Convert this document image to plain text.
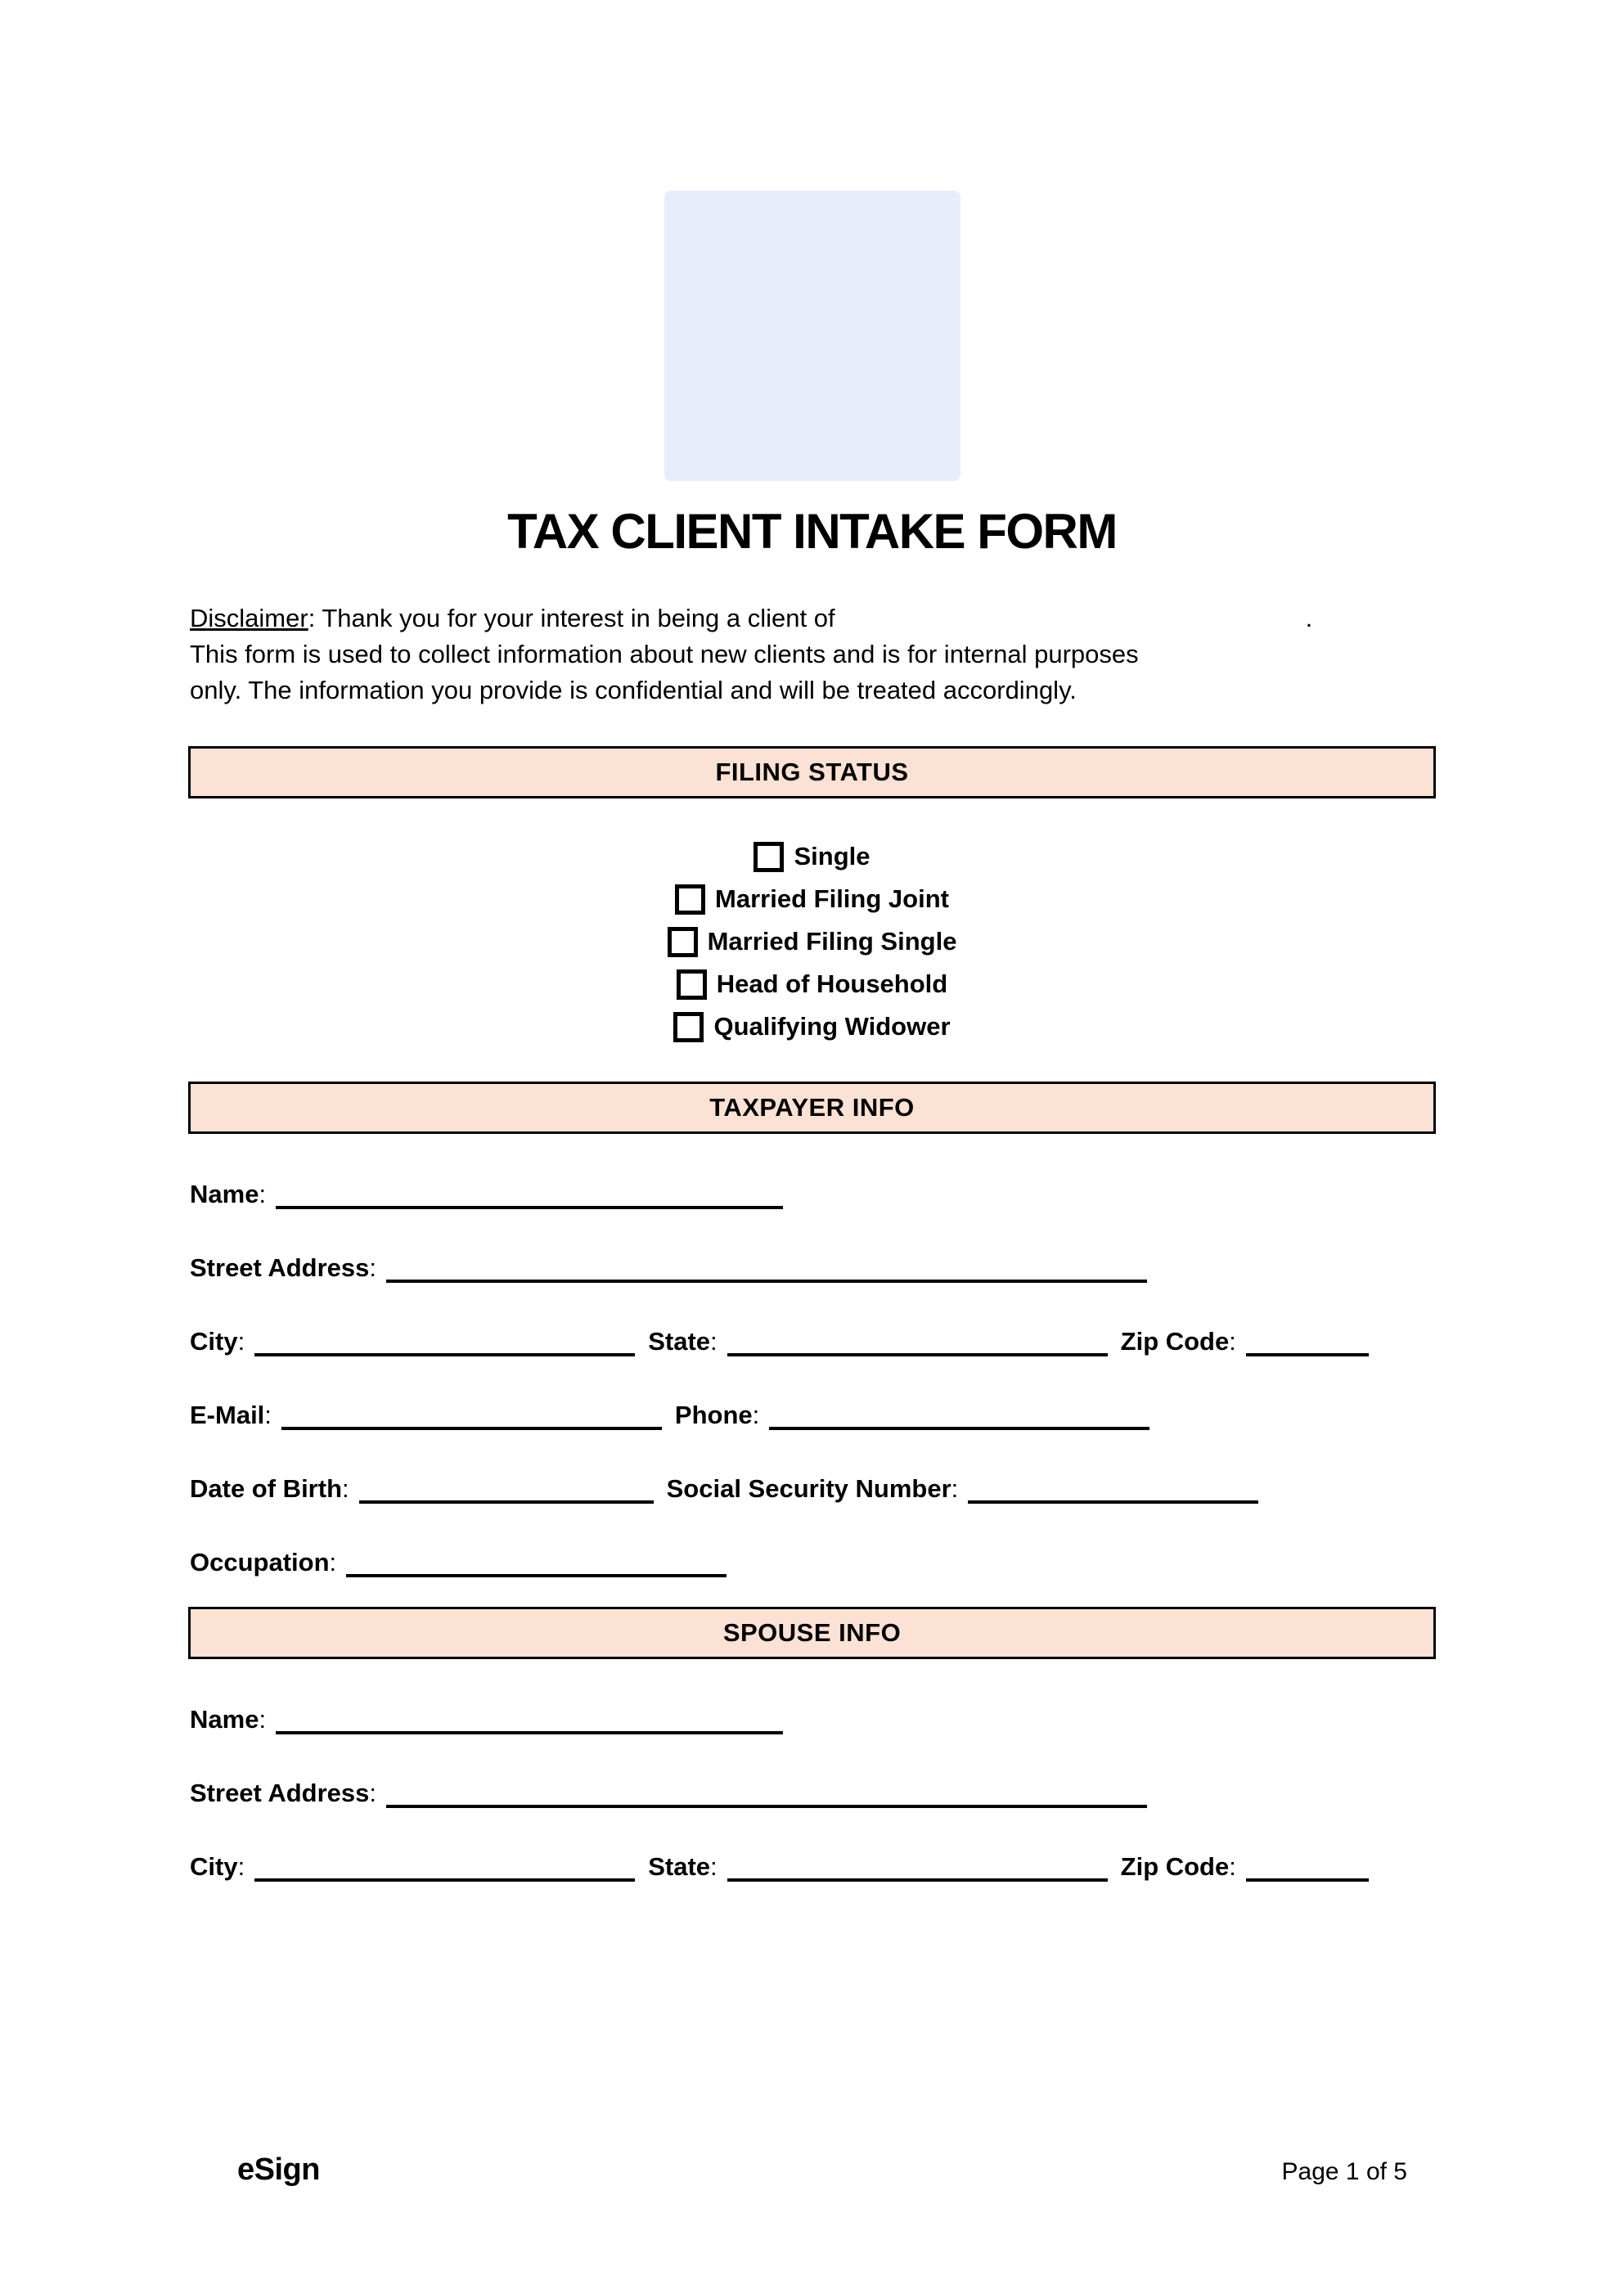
TAX CLIENT INTAKE FORM
Disclaimer: Thank you for your interest in being a client of	.
This form is used to collect information about new clients and is for internal purposes
only. The information you provide is confidential and will be treated accordingly.
FILING STATUS
Single
Married Filing Joint
Married Filing Single
Head of Household
Qualifying Widower
TAXPAYER INFO
Name :
Street Address :
City :	State :	Zip Code :
E-Mail :	Phone :
Date of Birth :	Social Security Number :
Occupation :
SPOUSE INFO
Name :
Street Address :
City :	State :	Zip Code :
eSign	Page 1 of 5
